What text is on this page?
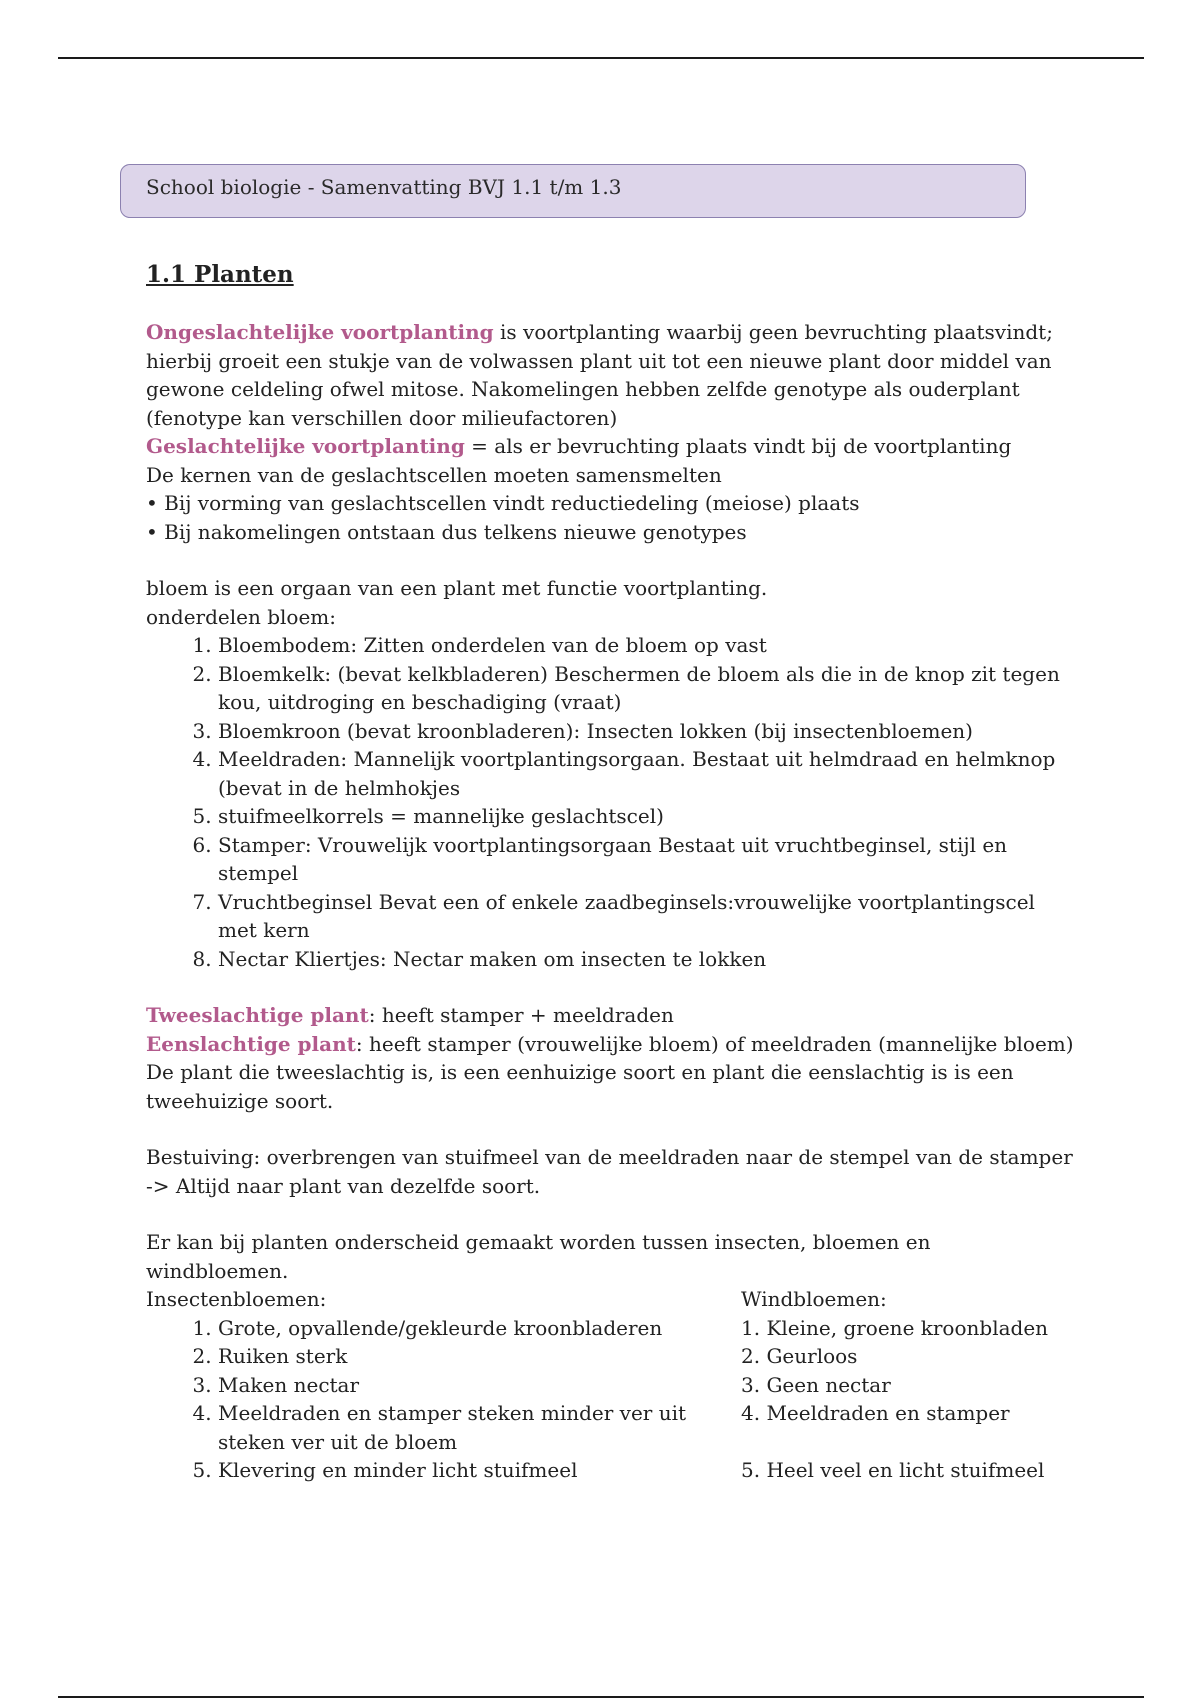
School biologie - Samenvatting BVJ 1.1 t/m 1.3
1.1 Planten

Ongeslachtelijke voortplanting is voortplanting waarbij geen bevruchting plaatsvindt; hierbij groeit een stukje van de volwassen plant uit tot een nieuwe plant door middel van gewone celdeling ofwel mitose. Nakomelingen hebben zelfde genotype als ouderplant (fenotype kan verschillen door milieufactoren)

Geslachtelijke voortplanting = als er bevruchting plaats vindt bij de voortplanting

De kernen van de geslachtscellen moeten samensmelten

• Bij vorming van geslachtscellen vindt reductiedeling (meiose) plaats

• Bij nakomelingen ontstaan dus telkens nieuwe genotypes

bloem is een orgaan van een plant met functie voortplanting.

onderdelen bloem:

1. Bloembodem: Zitten onderdelen van de bloem op vast
2. Bloemkelk: (bevat kelkbladeren) Beschermen de bloem als die in de knop zit tegen kou, uitdroging en beschadiging (vraat)
3. Bloemkroon (bevat kroonbladeren): Insecten lokken (bij insectenbloemen)
4. Meeldraden: Mannelijk voortplantingsorgaan. Bestaat uit helmdraad en helmknop (bevat in de helmhokjes
5. stuifmeelkorrels = mannelijke geslachtscel)
6. Stamper: Vrouwelijk voortplantingsorgaan Bestaat uit vruchtbeginsel, stijl en stempel
7. Vruchtbeginsel Bevat een of enkele zaadbeginsels:vrouwelijke voortplantingscel met kern
8. Nectar Kliertjes: Nectar maken om insecten te lokken

Tweeslachtige plant: heeft stamper + meeldraden

Eenslachtige plant: heeft stamper (vrouwelijke bloem) of meeldraden (mannelijke bloem)

De plant die tweeslachtig is, is een eenhuizige soort en plant die eenslachtig is is een tweehuizige soort.

Bestuiving: overbrengen van stuifmeel van de meeldraden naar de stempel van de stamper -> Altijd naar plant van dezelfde soort.

Er kan bij planten onderscheid gemaakt worden tussen insecten, bloemen en windbloemen.

Insectenbloemen:

1. Grote, opvallende/gekleurde kroonbladeren
2. Ruiken sterk
3. Maken nectar
4. Meeldraden en stamper steken minder ver uit steken ver uit de bloem
5. Klevering en minder licht stuifmeel

Windbloemen:

1. Kleine, groene kroonbladen

2. Geurloos

3. Geen nectar

4. Meeldraden en stamper

5. Heel veel en licht stuifmeel
